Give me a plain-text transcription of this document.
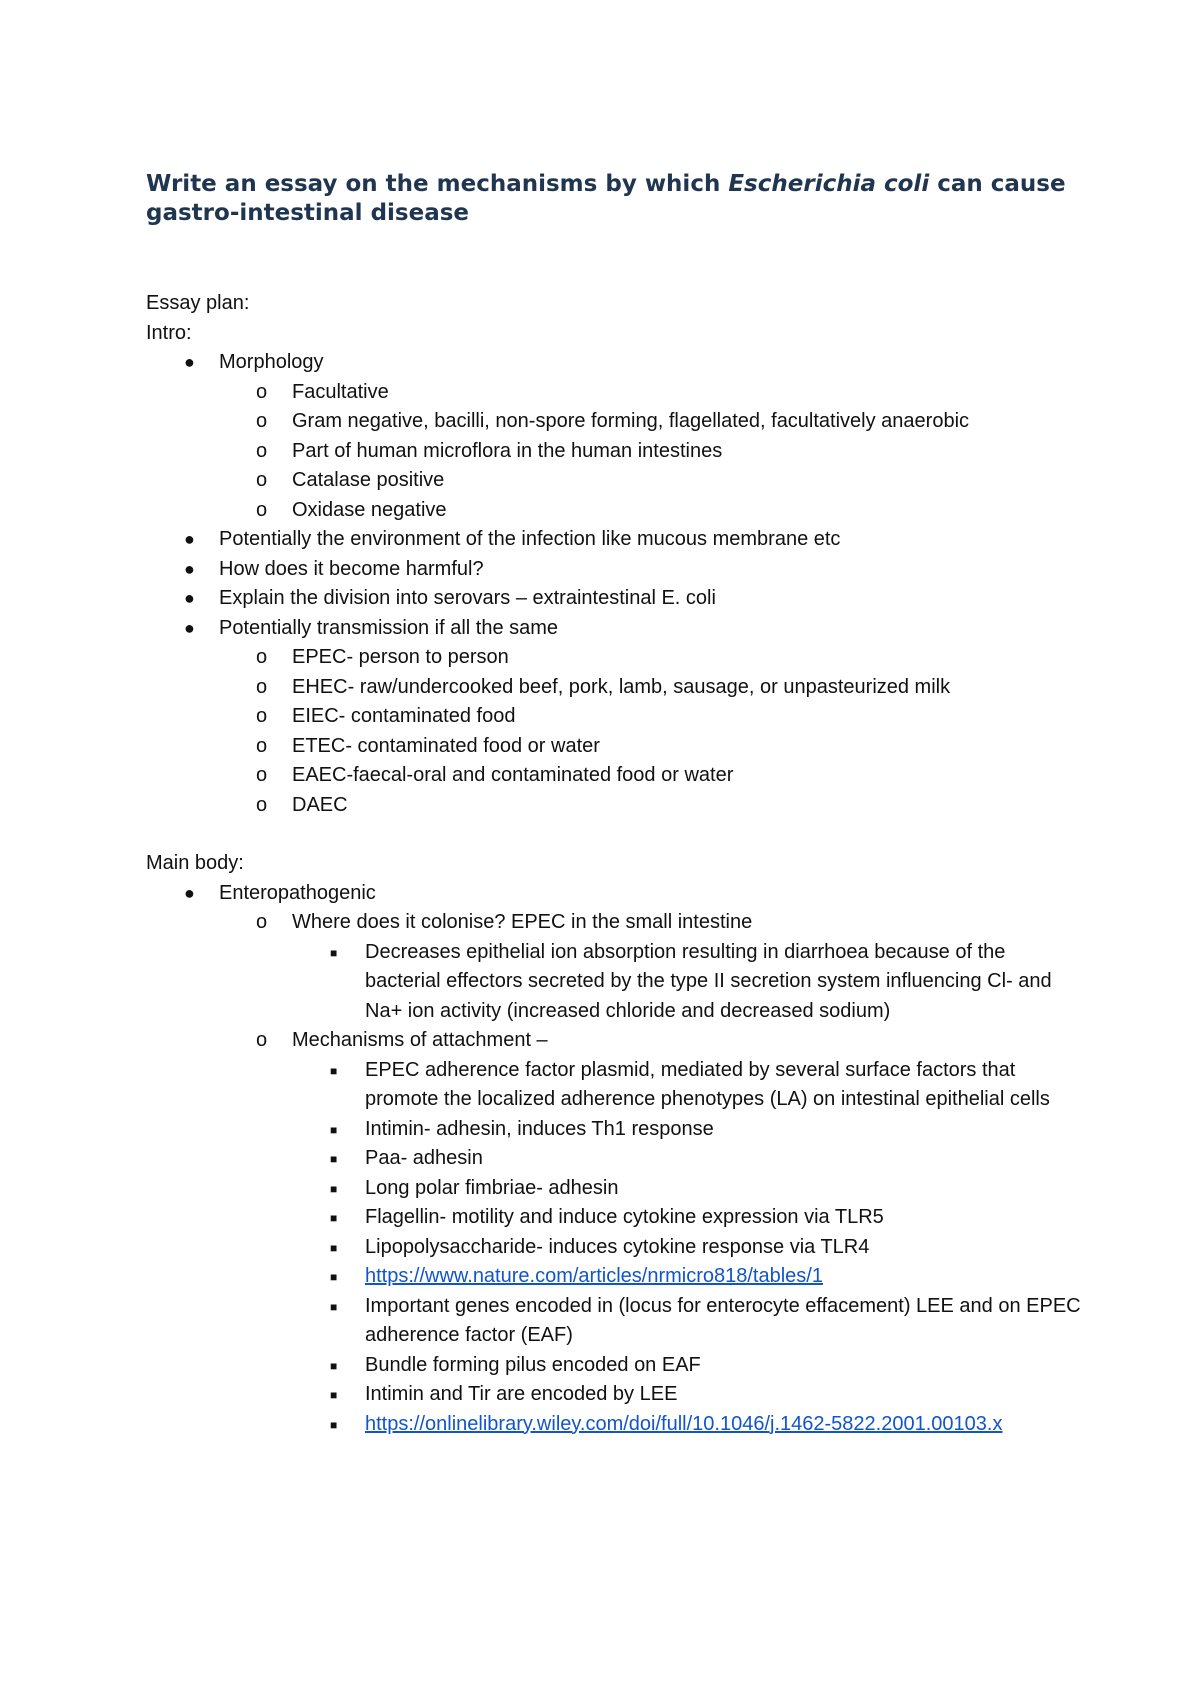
Write an essay on the mechanisms by which Escherichia coli can cause gastro-intestinal disease

Essay plan:

Intro:

● Morphology
o Facultative
o Gram negative, bacilli, non-spore forming, flagellated, facultatively anaerobic
o Part of human microflora in the human intestines
o Catalase positive
o Oxidase negative
● Potentially the environment of the infection like mucous membrane etc
● How does it become harmful?
● Explain the division into serovars – extraintestinal E. coli
● Potentially transmission if all the same
o EPEC- person to person
o EHEC- raw/undercooked beef, pork, lamb, sausage, or unpasteurized milk
o EIEC- contaminated food
o ETEC- contaminated food or water
o EAEC-faecal-oral and contaminated food or water
o DAEC

Main body:

● Enteropathogenic
o Where does it colonise? EPEC in the small intestine
■ Decreases epithelial ion absorption resulting in diarrhoea because of the bacterial effectors secreted by the type II secretion system influencing Cl- and Na+ ion activity (increased chloride and decreased sodium)
o Mechanisms of attachment –
■ EPEC adherence factor plasmid, mediated by several surface factors that promote the localized adherence phenotypes (LA) on intestinal epithelial cells
■ Intimin- adhesin, induces Th1 response
■ Paa- adhesin
■ Long polar fimbriae- adhesin
■ Flagellin- motility and induce cytokine expression via TLR5
■ Lipopolysaccharide- induces cytokine response via TLR4
■ https://www.nature.com/articles/nrmicro818/tables/1
■ Important genes encoded in (locus for enterocyte effacement) LEE and on EPEC adherence factor (EAF)
■ Bundle forming pilus encoded on EAF
■ Intimin and Tir are encoded by LEE
■ https://onlinelibrary.wiley.com/doi/full/10.1046/j.1462-5822.2001.00103.x
